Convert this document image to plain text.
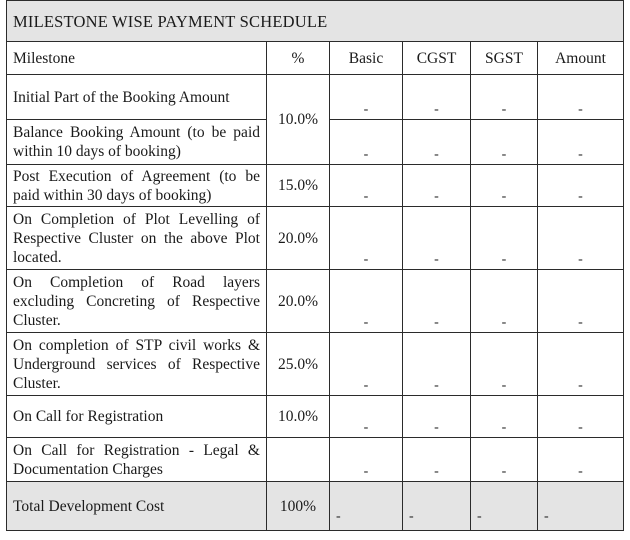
MILESTONE WISE PAYMENT SCHEDULE					
Milestone	%	Basic	CGST	SGST	Amount
Initial Part of the Booking Amount	10.0%	-	-	-	-
Balance Booking Amount (to be paid within 10 days of booking)		-	-	-	-
Post Execution of Agreement (to be paid within 30 days of booking)	15.0%	-	-	-	-
On Completion of Plot Levelling of Respective Cluster on the above Plot located.	20.0%	-	-	-	-
On Completion of Road layers excluding Concreting of Respective Cluster.	20.0%	-	-	-	-
On completion of STP civil works & Underground services of Respective Cluster.	25.0%	-	-	-	-
On Call for Registration	10.0%	-	-	-	-
On Call for Registration - Legal & Documentation Charges		-	-	-	-
Total Development Cost	100%	-	-	-	-
